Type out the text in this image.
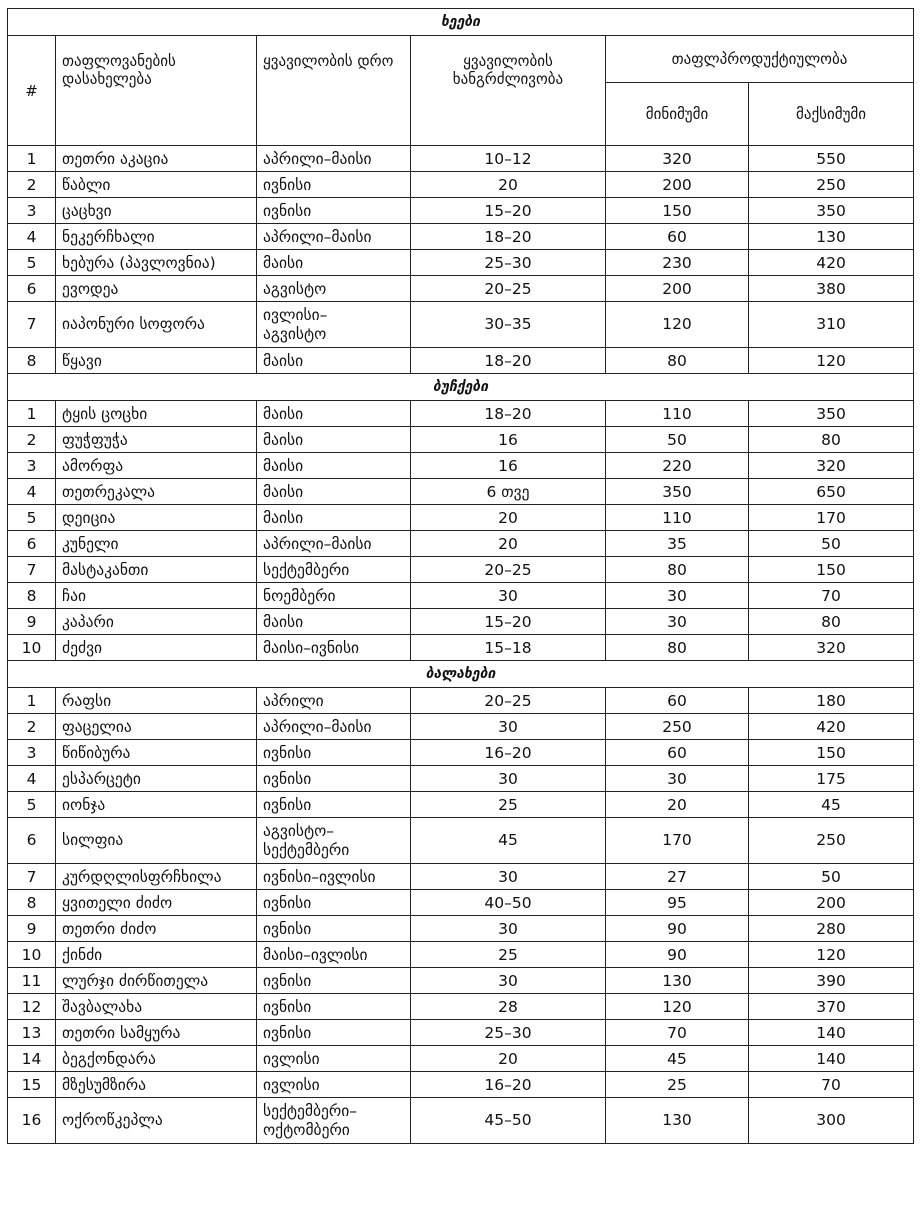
ხეები					
#	თაფლოვანების დასახელება	ყვავილობის დრო	ყვავილობის ხანგრძლივობა	თაფლპროდუქტიულობა	
				მინიმუმი	მაქსიმუმი
1	თეთრი აკაცია	აპრილი–მაისი	10–12	320	550
2	წაბლი	ივნისი	20	200	250
3	ცაცხვი	ივნისი	15–20	150	350
4	ნეკერჩხალი	აპრილი–მაისი	18–20	60	130
5	ხებურა (პავლოვნია)	მაისი	25–30	230	420
6	ევოდეა	აგვისტო	20–25	200	380
7	იაპონური სოფორა	ივლისი–
აგვისტო	30–35	120	310
8	წყავი	მაისი	18–20	80	120
ბუჩქები					
1	ტყის ცოცხი	მაისი	18–20	110	350
2	ფუჭფუჭა	მაისი	16	50	80
3	ამორფა	მაისი	16	220	320
4	თეთრეკალა	მაისი	6 თვე	350	650
5	დეიცია	მაისი	20	110	170
6	კუნელი	აპრილი–მაისი	20	35	50
7	მასტაკანთი	სექტემბერი	20–25	80	150
8	ჩაი	ნოემბერი	30	30	70
9	კაპარი	მაისი	15–20	30	80
10	ძეძვი	მაისი–ივნისი	15–18	80	320
ბალახები					
1	რაფსი	აპრილი	20–25	60	180
2	ფაცელია	აპრილი–მაისი	30	250	420
3	წიწიბურა	ივნისი	16–20	60	150
4	ესპარცეტი	ივნისი	30	30	175
5	იონჯა	ივნისი	25	20	45
6	სილფია	აგვისტო–
სექტემბერი	45	170	250
7	კურდღლისფრჩხილა	ივნისი–ივლისი	30	27	50
8	ყვითელი ძიძო	ივნისი	40–50	95	200
9	თეთრი ძიძო	ივნისი	30	90	280
10	ქინძი	მაისი–ივლისი	25	90	120
11	ლურჯი ძირწითელა	ივნისი	30	130	390
12	შავბალახა	ივნისი	28	120	370
13	თეთრი სამყურა	ივნისი	25–30	70	140
14	ბეგქონდარა	ივლისი	20	45	140
15	მზესუმზირა	ივლისი	16–20	25	70
16	ოქროწკეპლა	სექტემბერი–
ოქტომბერი	45–50	130	300
